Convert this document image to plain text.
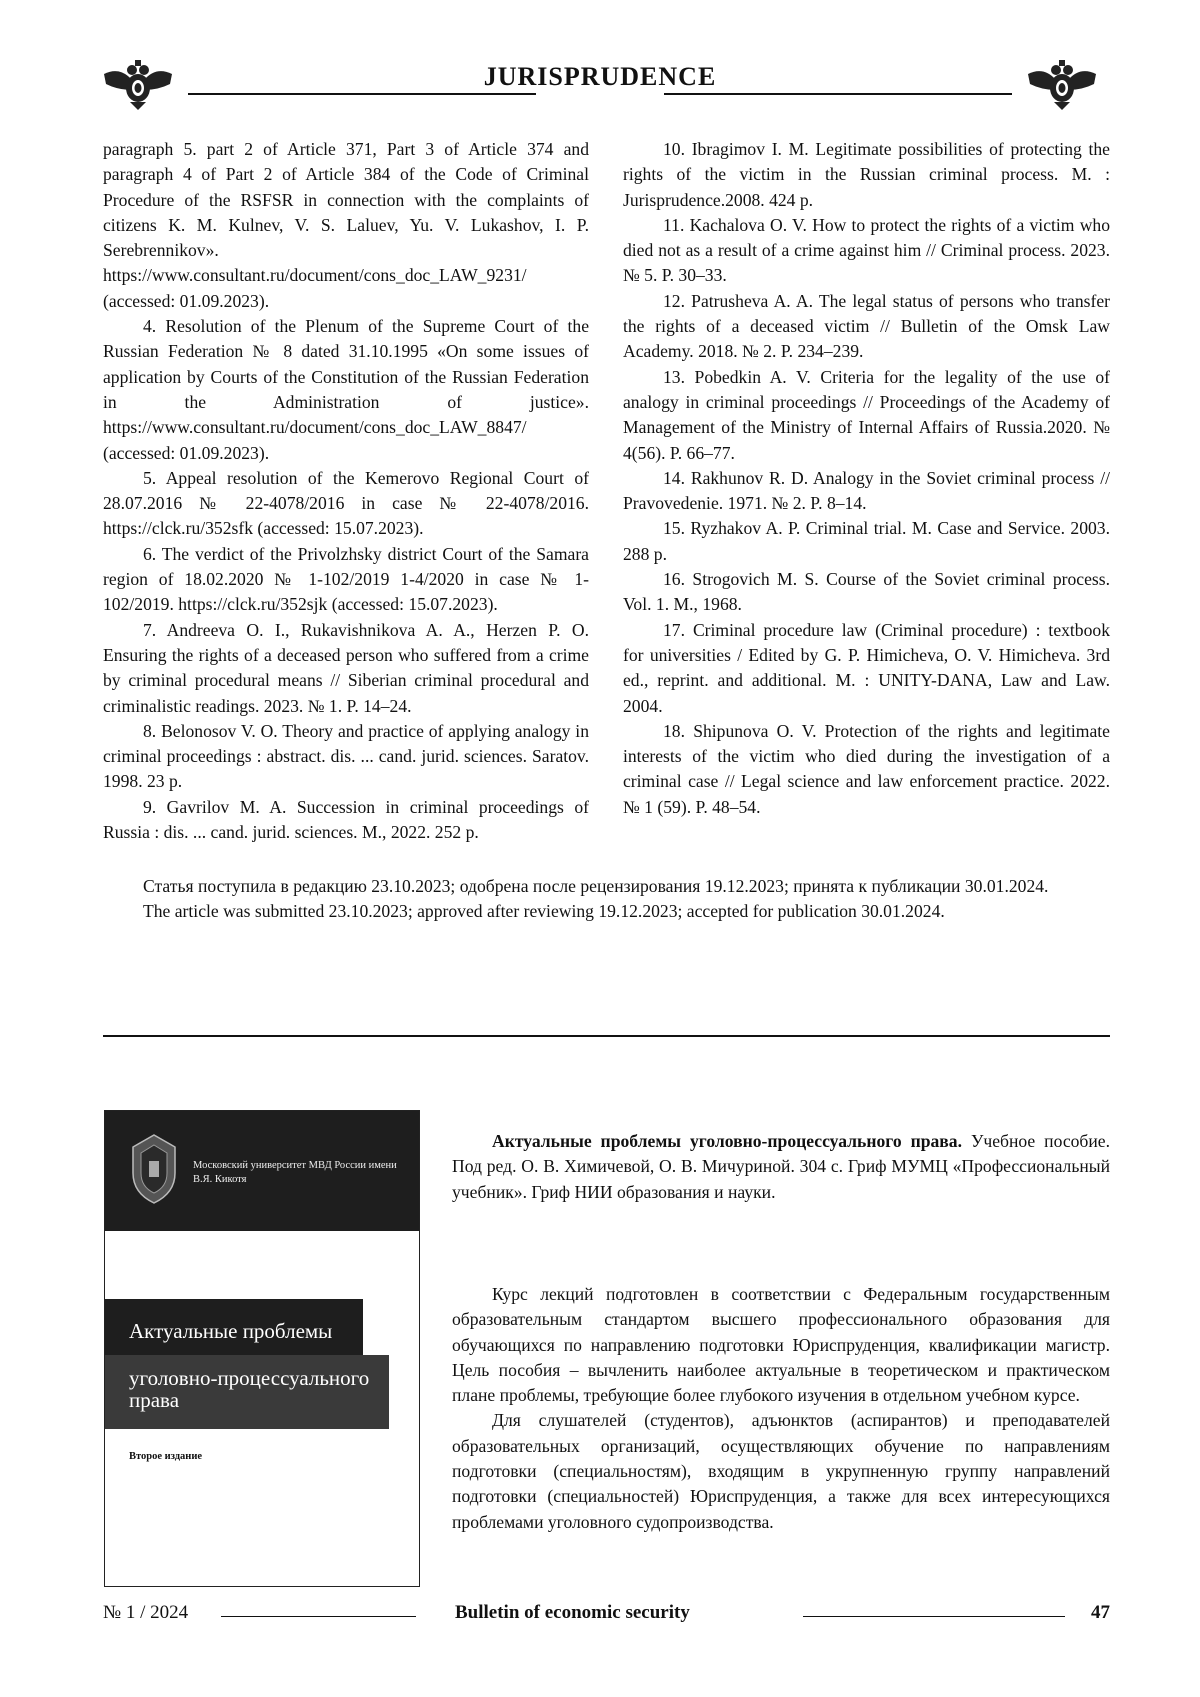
JURISPRUDENCE

paragraph 5. part 2 of Article 371, Part 3 of Article 374 and paragraph 4 of Part 2 of Article 384 of the Code of Criminal Procedure of the RSFSR in connection with the complaints of citizens K. M. Kulnev, V. S. Laluev, Yu. V. Lukashov, I. P. Serebrennikov». https://www.consultant.ru/document/cons_doc_LAW_9231/ (accessed: 01.09.2023).

4. Resolution of the Plenum of the Supreme Court of the Russian Federation № 8 dated 31.10.1995 «On some issues of application by Courts of the Constitution of the Russian Federation in the Administration of justice». https://www.consultant.ru/document/cons_doc_LAW_8847/ (accessed: 01.09.2023).

5. Appeal resolution of the Kemerovo Regional Court of 28.07.2016 № 22-4078/2016 in case № 22-4078/2016. https://clck.ru/352sfk (accessed: 15.07.2023).

6. The verdict of the Privolzhsky district Court of the Samara region of 18.02.2020 № 1-102/2019 1-4/2020 in case № 1-102/2019. https://clck.ru/352sjk (accessed: 15.07.2023).

7. Andreeva O. I., Rukavishnikova A. A., Herzen P. O. Ensuring the rights of a deceased person who suffered from a crime by criminal procedural means // Siberian criminal procedural and criminalistic readings. 2023. № 1. P. 14–24.

8. Belonosov V. O. Theory and practice of applying analogy in criminal proceedings : abstract. dis. ... cand. jurid. sciences. Saratov. 1998. 23 p.

9. Gavrilov M. A. Succession in criminal proceedings of Russia : dis. ... cand. jurid. sciences. M., 2022. 252 p.

10. Ibragimov I. M. Legitimate possibilities of protecting the rights of the victim in the Russian criminal process. M. : Jurisprudence.2008. 424 p.

11. Kachalova O. V. How to protect the rights of a victim who died not as a result of a crime against him // Criminal process. 2023. № 5. P. 30–33.

12. Patrusheva A. A. The legal status of persons who transfer the rights of a deceased victim // Bulletin of the Omsk Law Academy. 2018. № 2. P. 234–239.

13. Pobedkin A. V. Criteria for the legality of the use of analogy in criminal proceedings // Proceedings of the Academy of Management of the Ministry of Internal Affairs of Russia.2020. № 4(56). P. 66–77.

14. Rakhunov R. D. Analogy in the Soviet criminal process // Pravovedenie. 1971. № 2. P. 8–14.

15. Ryzhakov A. P. Criminal trial. M. Case and Service. 2003. 288 p.

16. Strogovich M. S. Course of the Soviet criminal process. Vol. 1. M., 1968.

17. Criminal procedure law (Criminal procedure) : textbook for universities / Edited by G. P. Himicheva, O. V. Himicheva. 3rd ed., reprint. and additional. M. : UNITY-DANA, Law and Law. 2004.

18. Shipunova O. V. Protection of the rights and legitimate interests of the victim who died during the investigation of a criminal case // Legal science and law enforcement practice. 2022. № 1 (59). P. 48–54.

Статья поступила в редакцию 23.10.2023; одобрена после рецензирования 19.12.2023; принята к публикации 30.01.2024.

The article was submitted 23.10.2023; approved after reviewing 19.12.2023; accepted for publication 30.01.2024.

Московский университет МВД России имени В.Я. Кикотя
Актуальные проблемы
уголовно-процессуального права
Второе издание

Актуальные проблемы уголовно-процессуального права. Учебное пособие. Под ред. О. В. Химичевой, О. В. Мичуриной. 304 с. Гриф МУМЦ «Профессиональный учебник». Гриф НИИ образования и науки.

Курс лекций подготовлен в соответствии с Федеральным государственным образовательным стандартом высшего профессионального образования для обучающихся по направлению подготовки Юриспруденция, квалификации магистр. Цель пособия – вычленить наиболее актуальные в теоретическом и практическом плане проблемы, требующие более глубокого изучения в отдельном учебном курсе.

Для слушателей (студентов), адъюнктов (аспирантов) и преподавателей образовательных организаций, осуществляющих обучение по направлениям подготовки (специальностям), входящим в укрупненную группу направлений подготовки (специальностей) Юриспруденция, а также для всех интересующихся проблемами уголовного судопроизводства.

№ 1 / 2024	Bulletin of economic security	47
